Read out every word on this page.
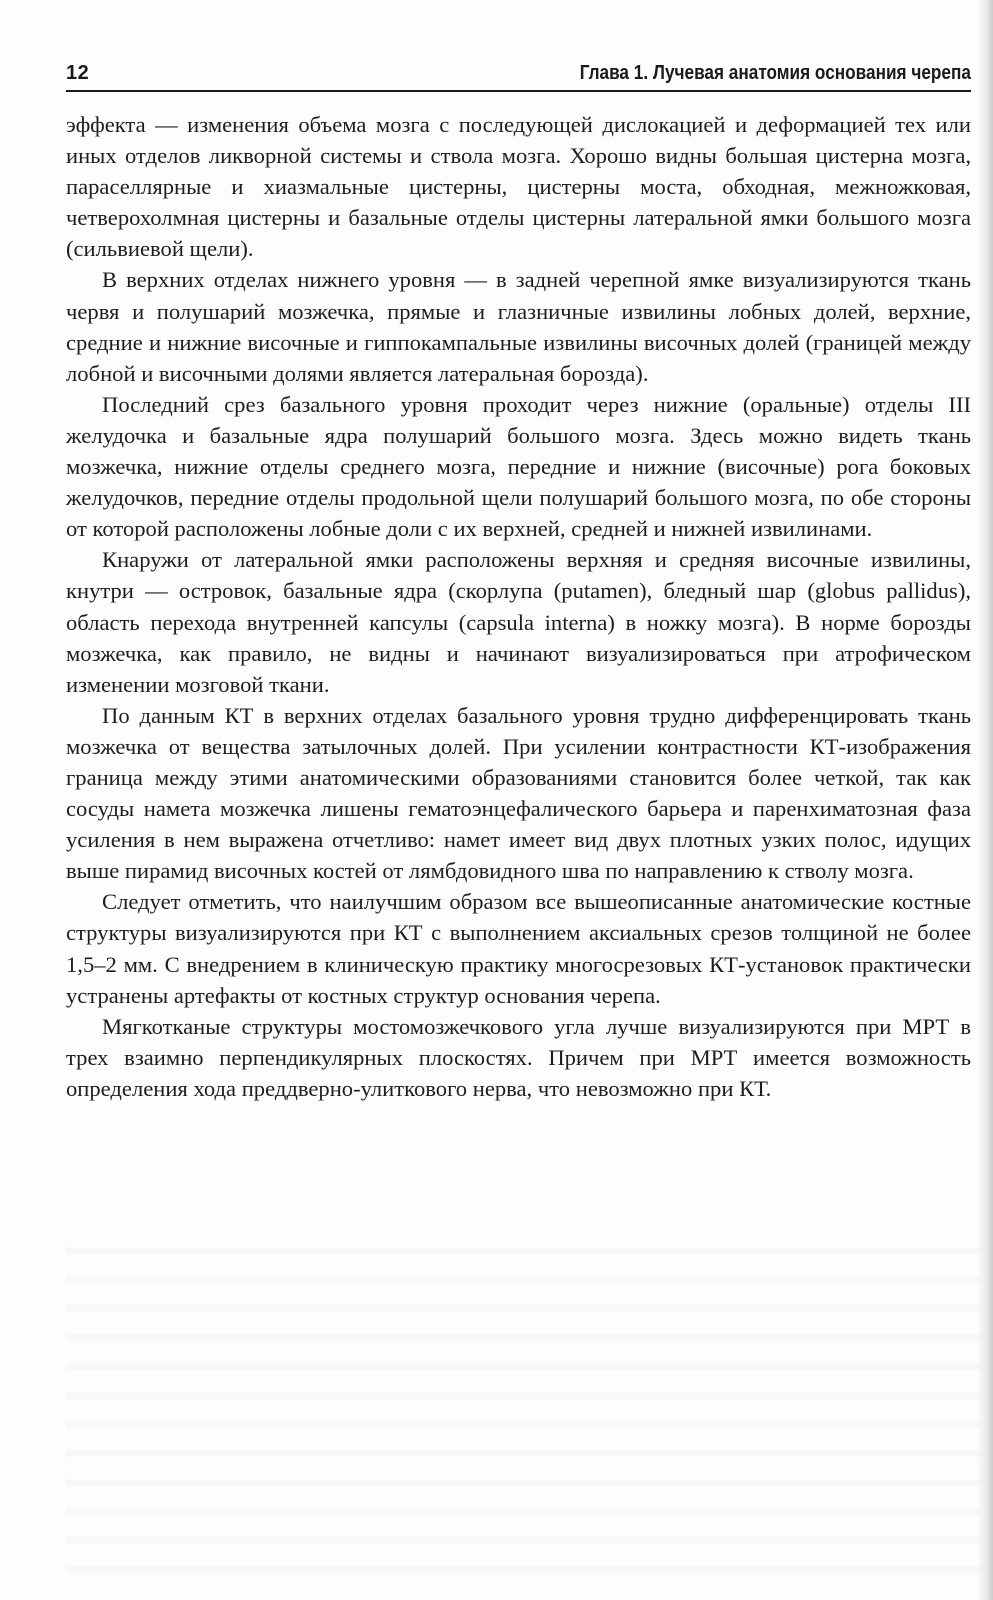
12	Глава 1. Лучевая анатомия основания черепа

эффекта — изменения объема мозга с последующей дислокацией и деформацией тех или иных отделов ликворной системы и ствола мозга. Хорошо видны большая цистерна мозга, параселлярные и хиазмальные цистерны, цистерны моста, обходная, межножковая, четверохолмная цистерны и базальные отделы цистерны латеральной ямки большого мозга (сильвиевой щели).

В верхних отделах нижнего уровня — в задней черепной ямке визуализируются ткань червя и полушарий мозжечка, прямые и глазничные извилины лобных долей, верхние, средние и нижние височные и гиппокампальные извилины височных долей (границей между лобной и височными долями является латеральная борозда).

Последний срез базального уровня проходит через нижние (оральные) отделы III желудочка и базальные ядра полушарий большого мозга. Здесь можно видеть ткань мозжечка, нижние отделы среднего мозга, передние и нижние (височные) рога боковых желудочков, передние отделы продольной щели полушарий большого мозга, по обе стороны от которой расположены лобные доли с их верхней, средней и нижней извилинами.

Кнаружи от латеральной ямки расположены верхняя и средняя височные извилины, кнутри — островок, базальные ядра (скорлупа (putamen), бледный шар (globus pallidus), область перехода внутренней капсулы (capsula interna) в ножку мозга). В норме борозды мозжечка, как правило, не видны и начинают визуализироваться при атрофическом изменении мозговой ткани.

По данным КТ в верхних отделах базального уровня трудно дифференцировать ткань мозжечка от вещества затылочных долей. При усилении контрастности КТ-изображения граница между этими анатомическими образованиями становится более четкой, так как сосуды намета мозжечка лишены гематоэнцефалического барьера и паренхиматозная фаза усиления в нем выражена отчетливо: намет имеет вид двух плотных узких полос, идущих выше пирамид височных костей от лямбдовидного шва по направлению к стволу мозга.

Следует отметить, что наилучшим образом все вышеописанные анатомические костные структуры визуализируются при КТ с выполнением аксиальных срезов толщиной не более 1,5–2 мм. С внедрением в клиническую практику многосрезовых КТ-установок практически устранены артефакты от костных структур основания черепа.

Мягкотканые структуры мостомозжечкового угла лучше визуализируются при МРТ в трех взаимно перпендикулярных плоскостях. Причем при МРТ имеется возможность определения хода преддверно-улиткового нерва, что невозможно при КТ.
